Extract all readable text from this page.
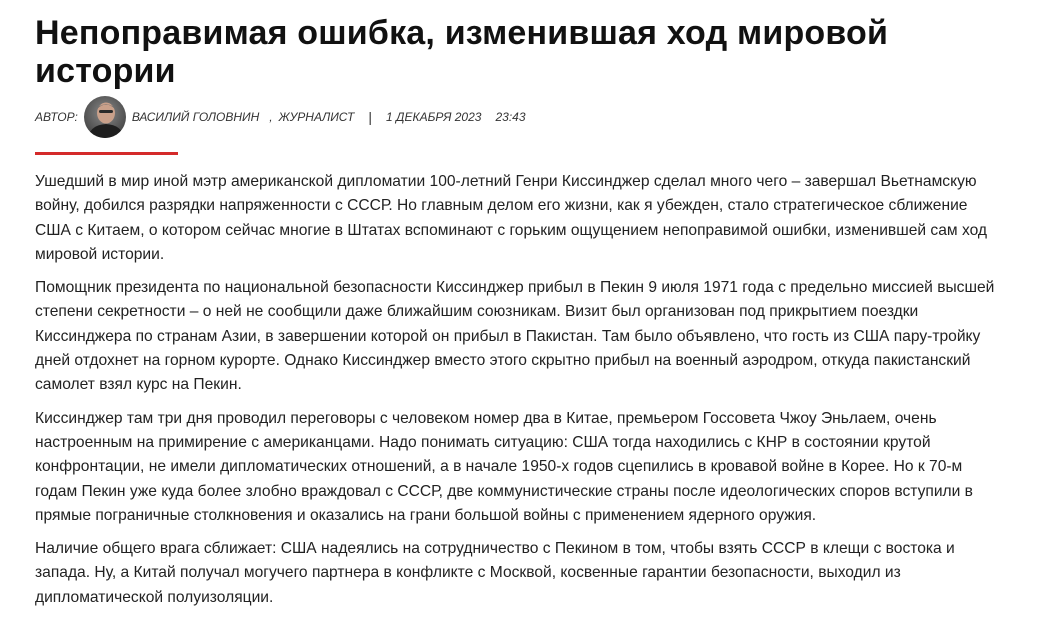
Непоправимая ошибка, изменившая ход мировой истории
АВТОР:	ВАСИЛИЙ ГОЛОВНИН , ЖУРНАЛИСТ | 1 ДЕКАБРЯ 2023 23:43

Ушедший в мир иной мэтр американской дипломатии 100-летний Генри Киссинджер сделал много чего – завершал Вьетнамскую войну, добился разрядки напряженности с СССР. Но главным делом его жизни, как я убежден, стало стратегическое сближение США с Китаем, о котором сейчас многие в Штатах вспоминают с горьким ощущением непоправимой ошибки, изменившей сам ход мировой истории.

Помощник президента по национальной безопасности Киссинджер прибыл в Пекин 9 июля 1971 года с предельно миссией высшей степени секретности – о ней не сообщили даже ближайшим союзникам. Визит был организован под прикрытием поездки Киссинджера по странам Азии, в завершении которой он прибыл в Пакистан. Там было объявлено, что гость из США пару-тройку дней отдохнет на горном курорте. Однако Киссинджер вместо этого скрытно прибыл на военный аэродром, откуда пакистанский самолет взял курс на Пекин.

Киссинджер там три дня проводил переговоры с человеком номер два в Китае, премьером Госсовета Чжоу Эньлаем, очень настроенным на примирение с американцами. Надо понимать ситуацию: США тогда находились с КНР в состоянии крутой конфронтации, не имели дипломатических отношений, а в начале 1950-х годов сцепились в кровавой войне в Корее. Но к 70-м годам Пекин уже куда более злобно враждовал с СССР, две коммунистические страны после идеологических споров вступили в прямые пограничные столкновения и оказались на грани большой войны с применением ядерного оружия.

Наличие общего врага сближает: США надеялись на сотрудничество с Пекином в том, чтобы взять СССР в клещи с востока и запада. Ну, а Китай получал могучего партнера в конфликте с Москвой, косвенные гарантии безопасности, выходил из дипломатической полуизоляции.
